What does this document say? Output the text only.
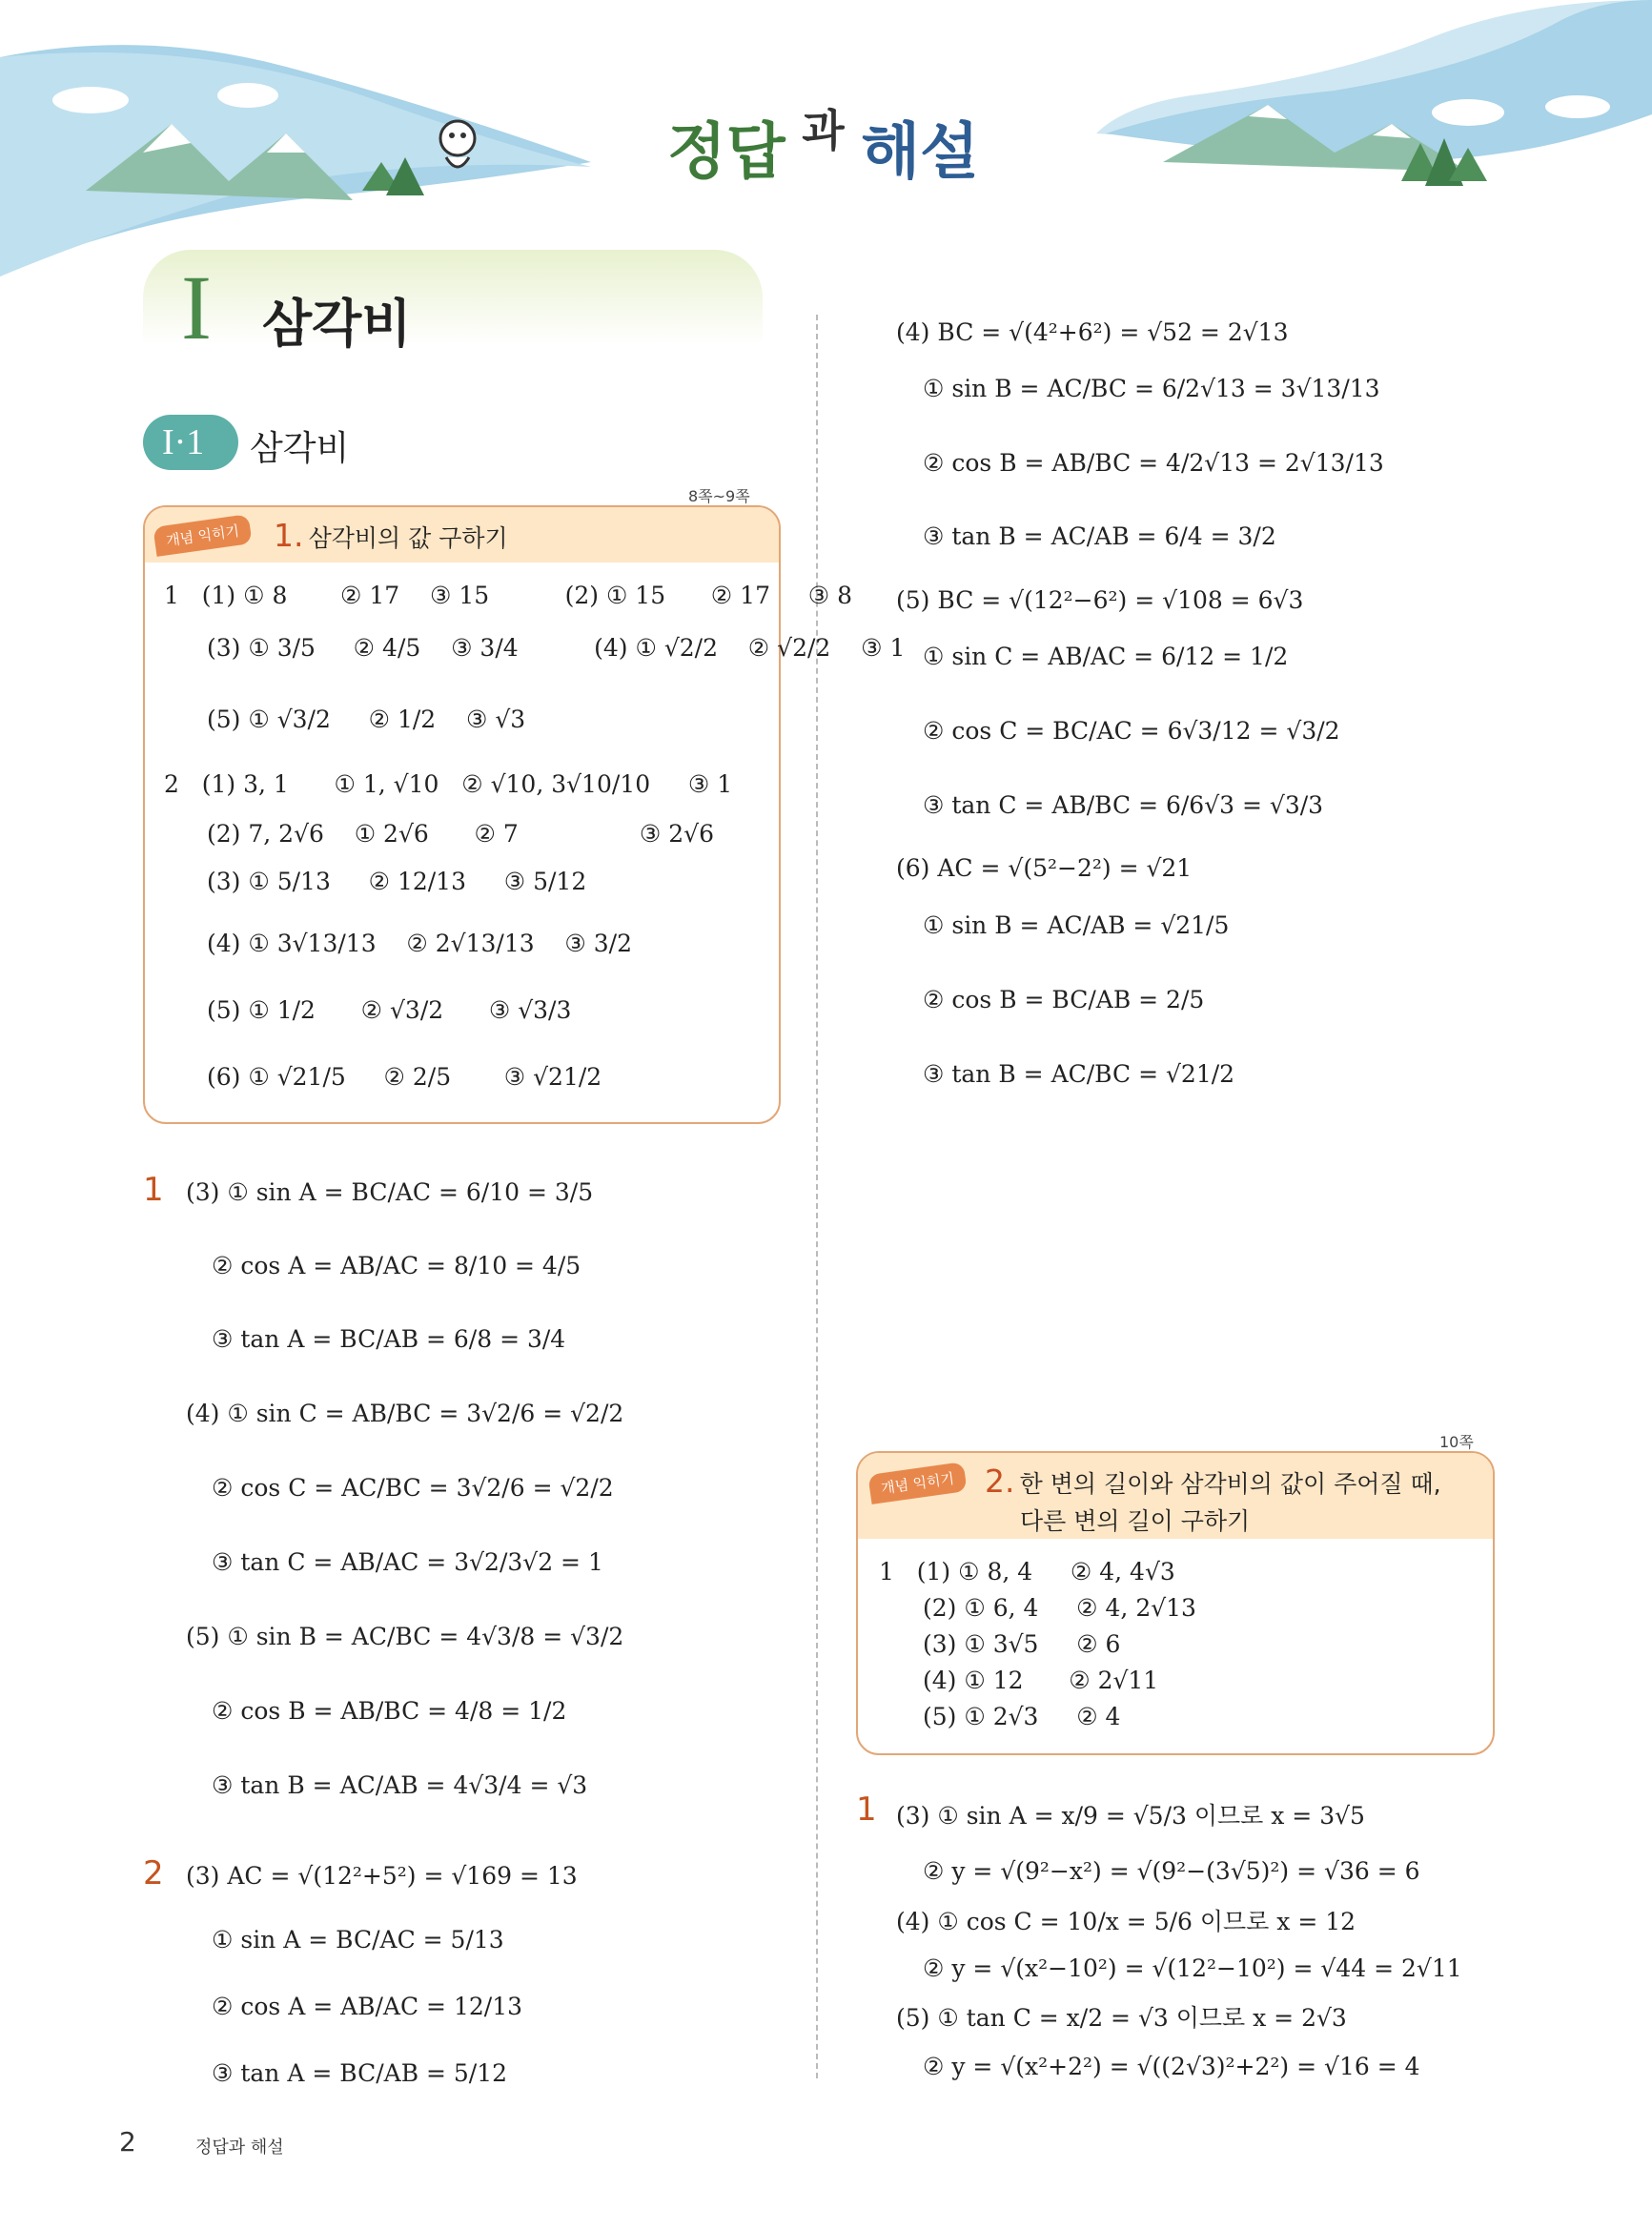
정답 과 해설
I 삼각비
I·1 삼각비
8쪽~9쪽
개념 익히기	1. 삼각비의 값 구하기
1   (1) ① 8       ② 17    ③ 15          (2) ① 15      ② 17     ③ 8
(3) ① 3/5     ② 4/5    ③ 3/4          (4) ① √2/2    ② √2/2    ③ 1
(5) ① √3/2     ② 1/2    ③ √3
2   (1) 3, 1      ① 1, √10   ② √10, 3√10/10     ③ 1
(2) 7, 2√6    ① 2√6      ② 7                ③ 2√6
(3) ① 5/13     ② 12/13     ③ 5/12
(4) ① 3√13/13    ② 2√13/13    ③ 3/2
(5) ① 1/2      ② √3/2      ③ √3/3
(6) ① √21/5     ② 2/5       ③ √21/2
1 (3) ① sin A = BC/AC = 6/10 = 3/5
② cos A = AB/AC = 8/10 = 4/5
③ tan A = BC/AB = 6/8 = 3/4
(4) ① sin C = AB/BC = 3√2/6 = √2/2
② cos C = AC/BC = 3√2/6 = √2/2
③ tan C = AB/AC = 3√2/3√2 = 1
(5) ① sin B = AC/BC = 4√3/8 = √3/2
② cos B = AB/BC = 4/8 = 1/2
③ tan B = AC/AB = 4√3/4 = √3
2 (3) AC = √(12²+5²) = √169 = 13
① sin A = BC/AC = 5/13
② cos A = AB/AC = 12/13
③ tan A = BC/AB = 5/12
(4) BC = √(4²+6²) = √52 = 2√13
① sin B = AC/BC = 6/2√13 = 3√13/13
② cos B = AB/BC = 4/2√13 = 2√13/13
③ tan B = AC/AB = 6/4 = 3/2
(5) BC = √(12²−6²) = √108 = 6√3
① sin C = AB/AC = 6/12 = 1/2
② cos C = BC/AC = 6√3/12 = √3/2
③ tan C = AB/BC = 6/6√3 = √3/3
(6) AC = √(5²−2²) = √21
① sin B = AC/AB = √21/5
② cos B = BC/AB = 2/5
③ tan B = AC/BC = √21/2
10쪽
개념 익히기 2. 한 변의 길이와 삼각비의 값이 주어질 때,
다른 변의 길이 구하기
1   (1) ① 8, 4     ② 4, 4√3
(2) ① 6, 4     ② 4, 2√13
(3) ① 3√5     ② 6
(4) ① 12      ② 2√11
(5) ① 2√3     ② 4
1 (3) ① sin A = x/9 = √5/3 이므로 x = 3√5
② y = √(9²−x²) = √(9²−(3√5)²) = √36 = 6
(4) ① cos C = 10/x = 5/6 이므로 x = 12
② y = √(x²−10²) = √(12²−10²) = √44 = 2√11
(5) ① tan C = x/2 = √3 이므로 x = 2√3
② y = √(x²+2²) = √((2√3)²+2²) = √16 = 4
2	정답과 해설
